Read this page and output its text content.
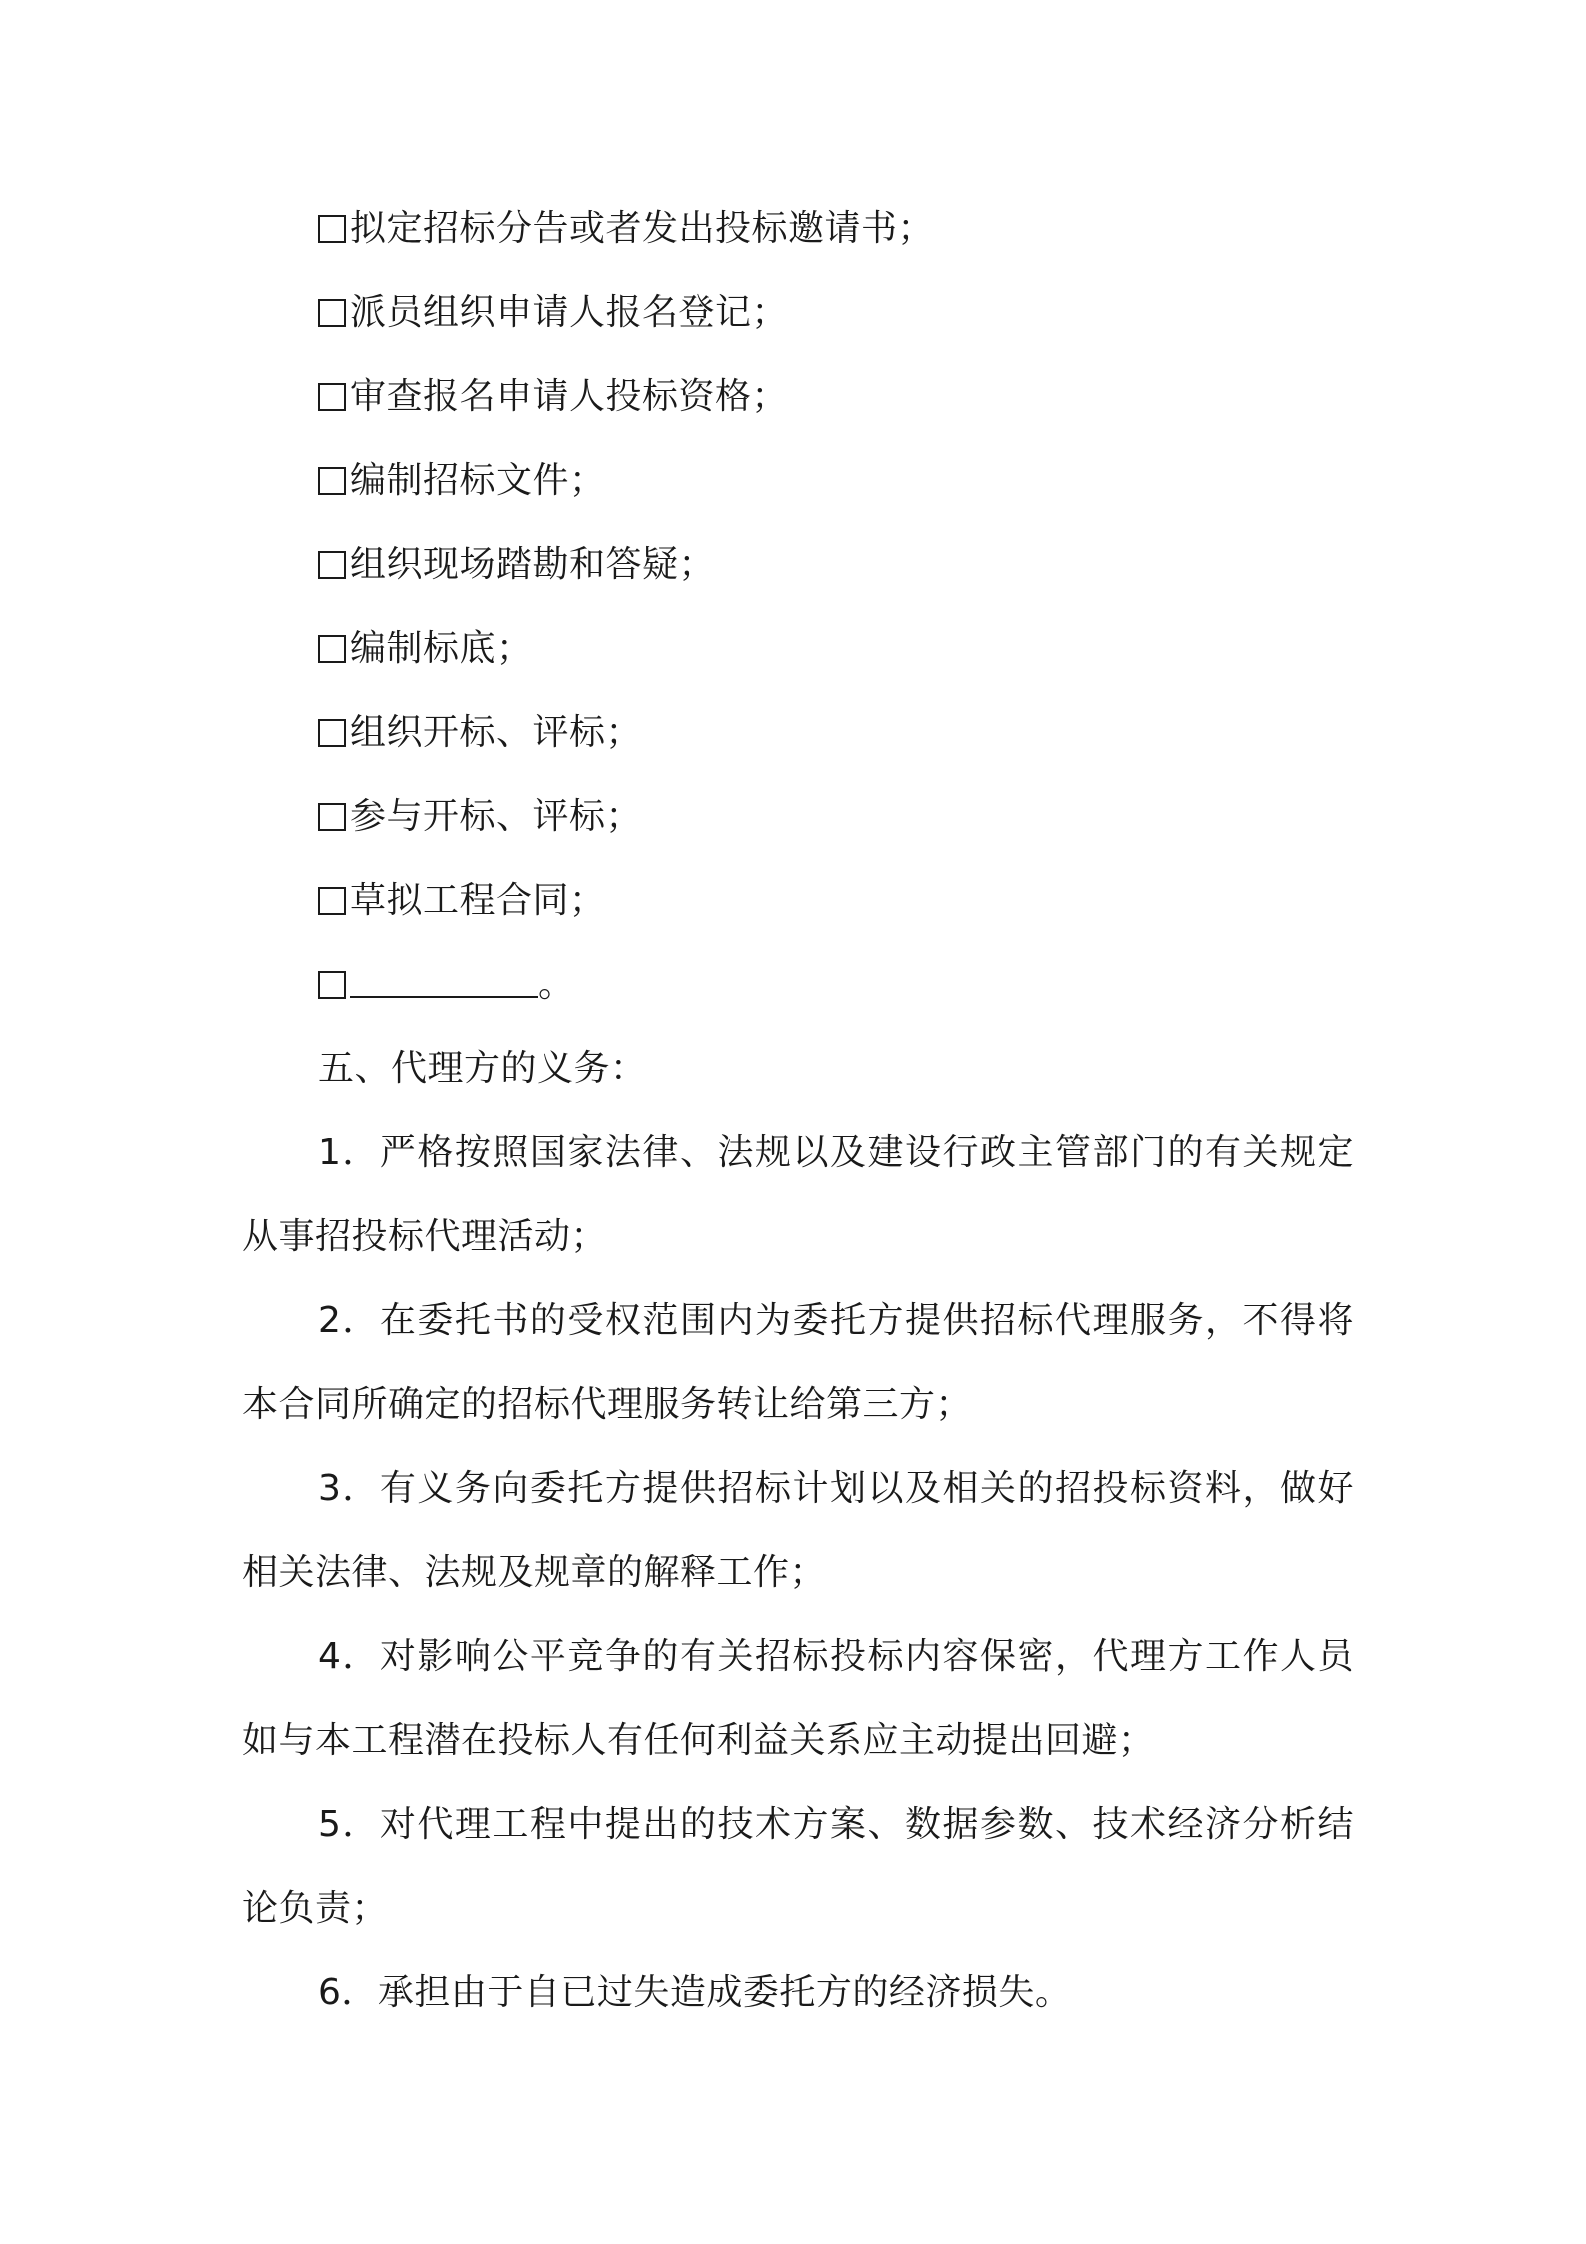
拟定招标分告或者发出投标邀请书；
派员组织申请人报名登记；
审查报名申请人投标资格；
编制招标文件；
组织现场踏勘和答疑；
编制标底；
组织开标、评标；
参与开标、评标；
草拟工程合同；
。
五、代理方的义务：
1．严格按照国家法律、法规以及建设行政主管部门的有关规定
从事招投标代理活动；
2．在委托书的受权范围内为委托方提供招标代理服务，不得将
本合同所确定的招标代理服务转让给第三方；
3．有义务向委托方提供招标计划以及相关的招投标资料，做好
相关法律、法规及规章的解释工作；
4．对影响公平竞争的有关招标投标内容保密，代理方工作人员
如与本工程潜在投标人有任何利益关系应主动提出回避；
5．对代理工程中提出的技术方案、数据参数、技术经济分析结
论负责；
6．承担由于自已过失造成委托方的经济损失。
